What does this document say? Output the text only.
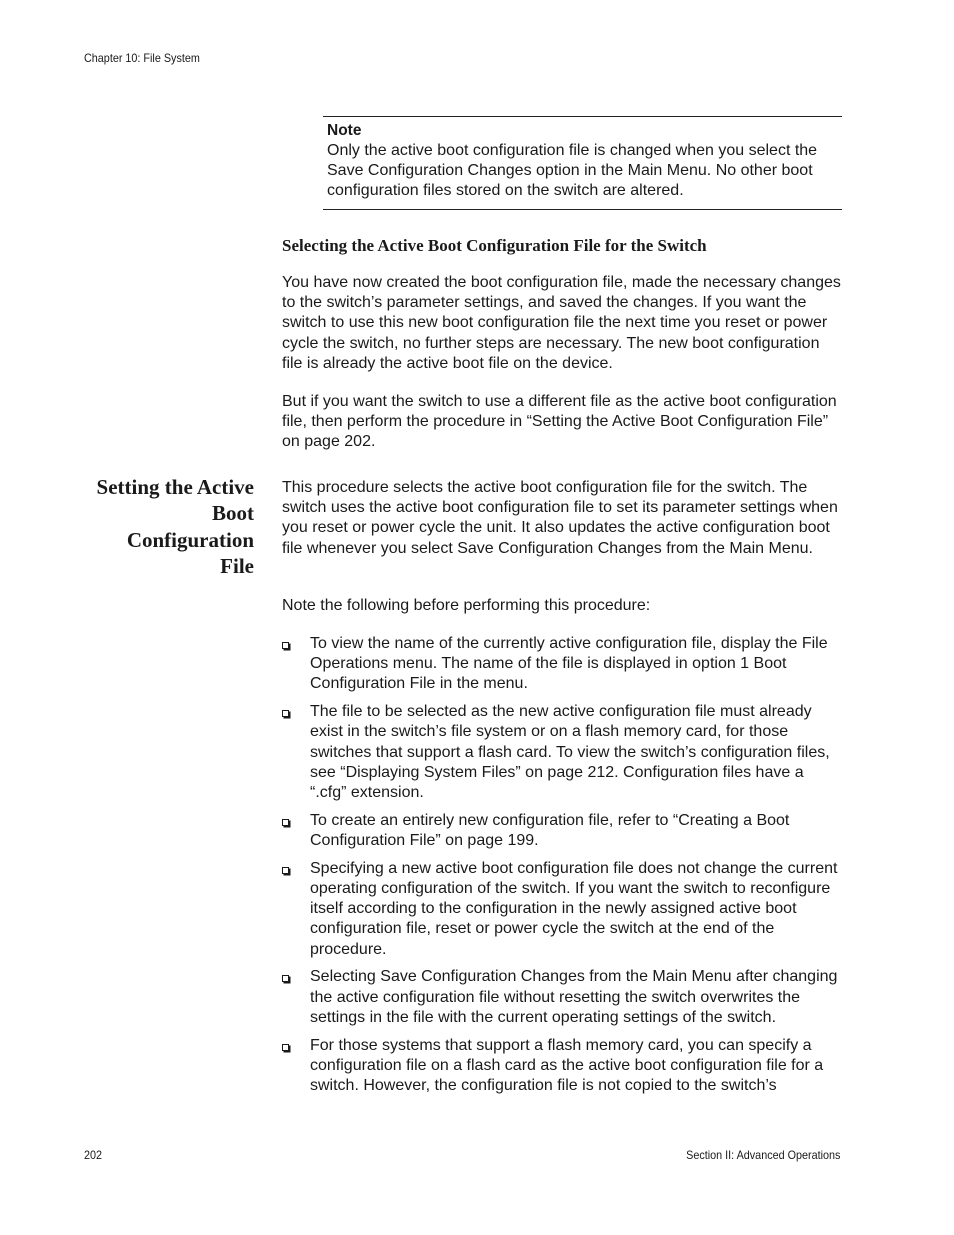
Chapter 10: File System
Note

Only the active boot configuration file is changed when you select the Save Configuration Changes option in the Main Menu. No other boot configuration files stored on the switch are altered.

Selecting the Active Boot Configuration File for the Switch

You have now created the boot configuration file, made the necessary changes to the switch’s parameter settings, and saved the changes. If you want the switch to use this new boot configuration file the next time you reset or power cycle the switch, no further steps are necessary. The new boot configuration file is already the active boot file on the device.

But if you want the switch to use a different file as the active boot configuration file, then perform the procedure in “Setting the Active Boot Configuration File” on page 202.

Setting the Active
Boot
Configuration
File

This procedure selects the active boot configuration file for the switch. The switch uses the active boot configuration file to set its parameter settings when you reset or power cycle the unit. It also updates the active configuration boot file whenever you select Save Configuration Changes from the Main Menu.

Note the following before performing this procedure:

To view the name of the currently active configuration file, display the File Operations menu. The name of the file is displayed in option 1 Boot Configuration File in the menu.
The file to be selected as the new active configuration file must already exist in the switch’s file system or on a flash memory card, for those switches that support a flash card. To view the switch’s configuration files, see “Displaying System Files” on page 212. Configuration files have a “.cfg” extension.
To create an entirely new configuration file, refer to “Creating a Boot Configuration File” on page 199.
Specifying a new active boot configuration file does not change the current operating configuration of the switch. If you want the switch to reconfigure itself according to the configuration in the newly assigned active boot configuration file, reset or power cycle the switch at the end of the procedure.
Selecting Save Configuration Changes from the Main Menu after changing the active configuration file without resetting the switch overwrites the settings in the file with the current operating settings of the switch.
For those systems that support a flash memory card, you can specify a configuration file on a flash card as the active boot configuration file for a switch. However, the configuration file is not copied to the switch’s
202	Section II: Advanced Operations
